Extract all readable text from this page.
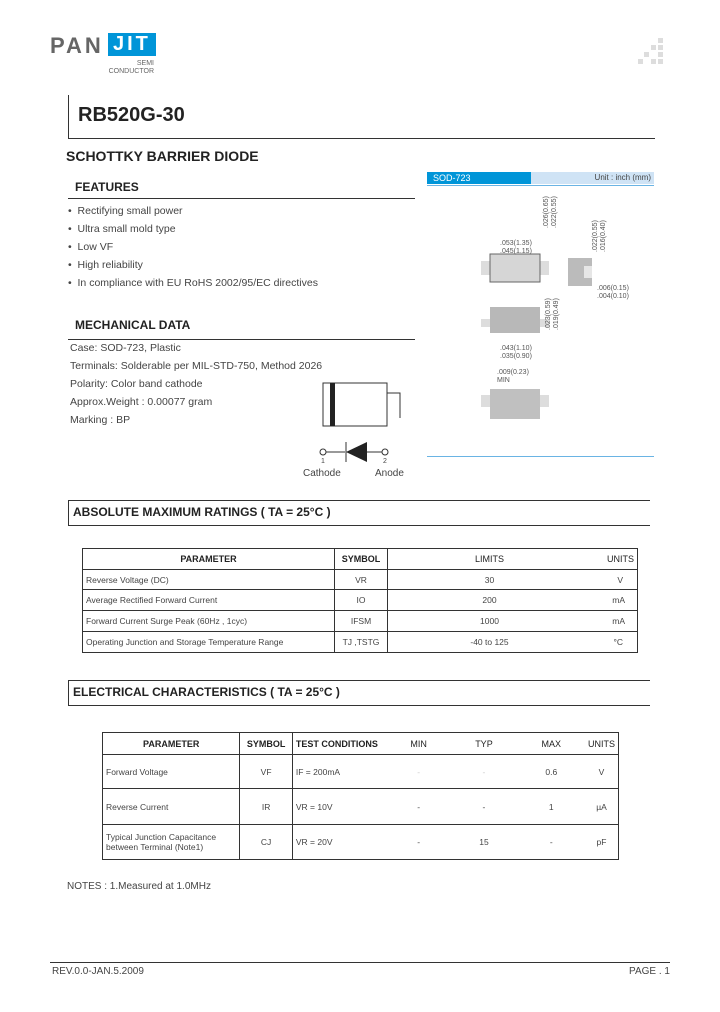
PAN JIT
SEMI
CONDUCTOR
RB520G-30
SCHOTTKY BARRIER DIODE
FEATURES
•  Rectifying small power
•  Ultra small mold type
•  Low VF
•  High reliability
•  In compliance with EU RoHS 2002/95/EC directives
MECHANICAL DATA
Case: SOD-723, Plastic
Terminals: Solderable per MIL-STD-750, Method 2026
Polarity: Color band cathode
Approx.Weight : 0.00077 gram
Marking : BP
1	2
Cathode	Anode
SOD-723	Unit : inch (mm)
.053(1.35)
.045(1.15)
.026(0.65) .022(0.55)
.022(0.55) .016(0.40)
.006(0.15)
.004(0.10)
.023(0.59) .019(0.49)
.043(1.10)
.035(0.90)
.009(0.23)
MIN
ABSOLUTE MAXIMUM RATINGS ( TA = 25°C )
PARAMETER	SYMBOL	LIMITS	UNITS
Reverse Voltage (DC)	VR	30	V
Average Rectified Forward Current	IO	200	mA
Forward Current Surge Peak (60Hz , 1cyc)	IFSM	1000	mA
Operating Junction and Storage Temperature Range	TJ ,TSTG	-40 to 125	°C
ELECTRICAL CHARACTERISTICS ( TA = 25°C )
PARAMETER	SYMBOL	TEST CONDITIONS	MIN	TYP	MAX	UNITS
Forward Voltage	VF	IF = 200mA	-	-	0.6	V
Reverse Current	IR	VR = 10V	-	-	1	µA
Typical Junction Capacitance between Terminal (Note1)	CJ	VR = 20V	-	15	-	pF
NOTES : 1.Measured at 1.0MHz
REV.0.0-JAN.5.2009	PAGE . 1
